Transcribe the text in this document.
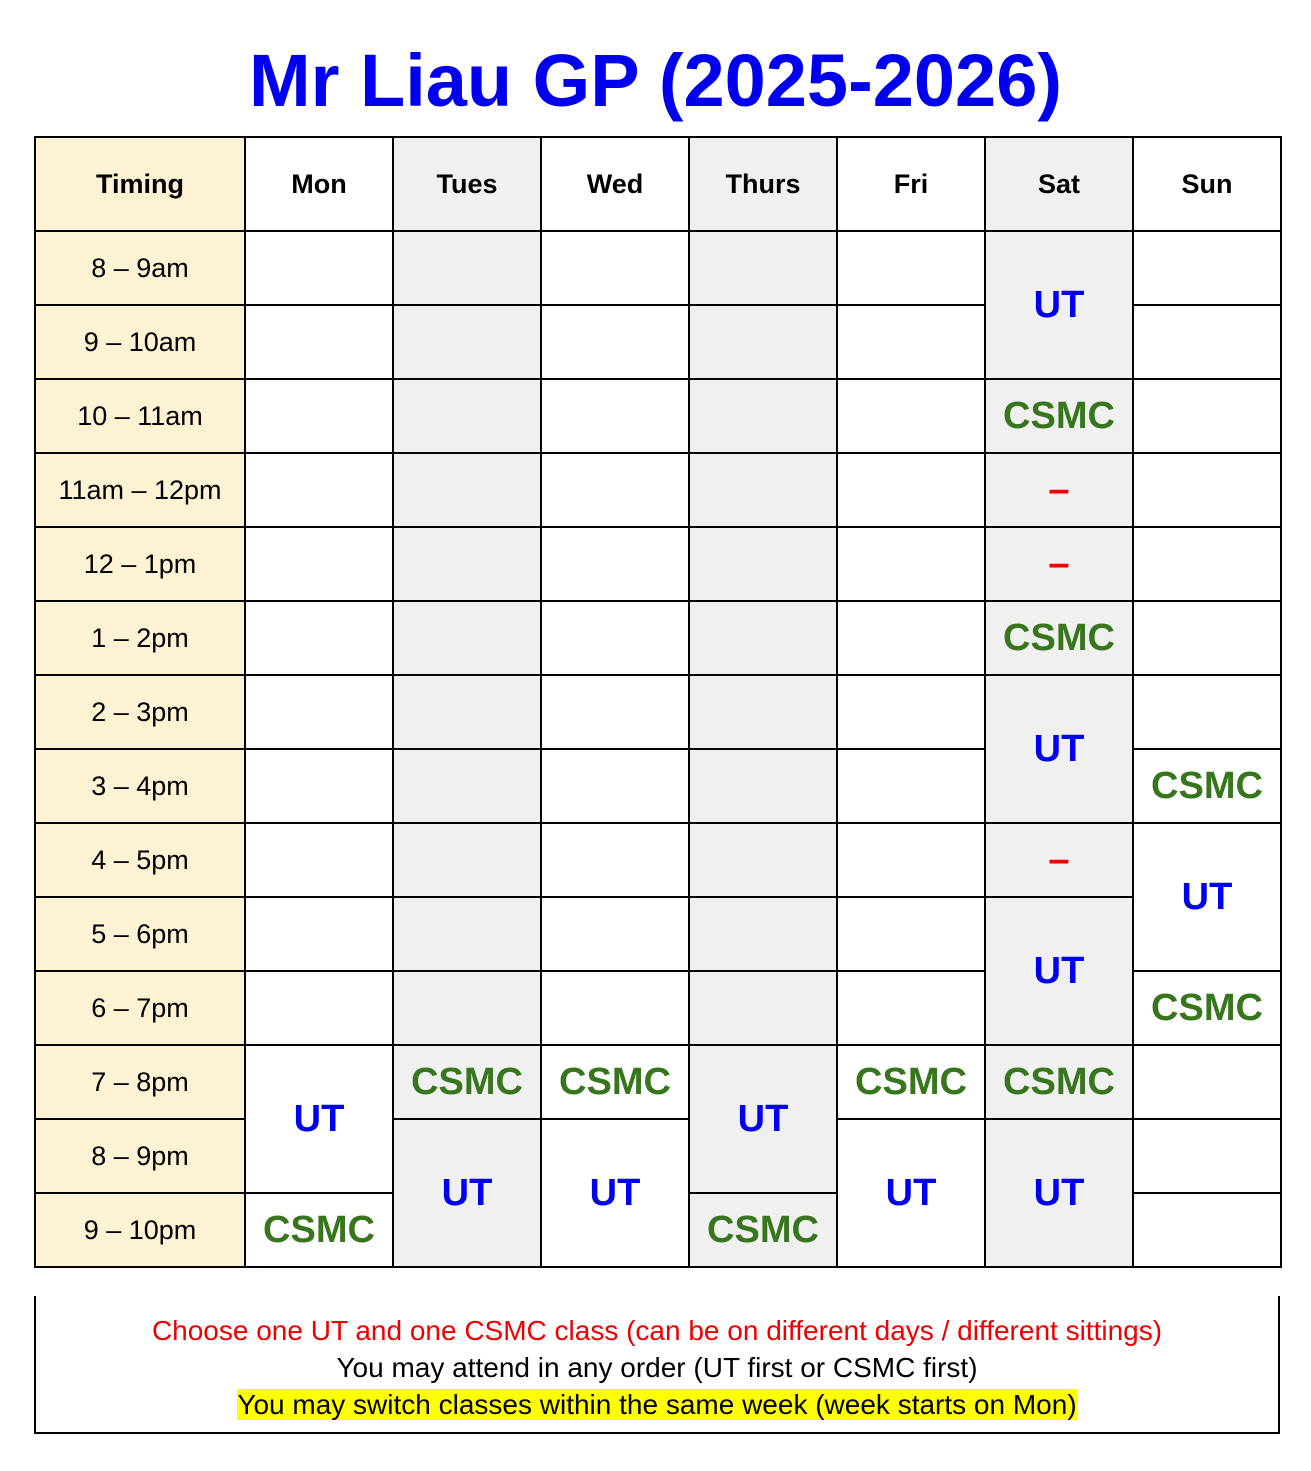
Mr Liau GP (2025-2026)
Timing	Mon	Tues	Wed	Thurs	Fri	Sat	Sun
8 – 9am						UT	
9 – 10am							
10 – 11am						CSMC	
11am – 12pm						–	
12 – 1pm						–	
1 – 2pm						CSMC	
2 – 3pm						UT	
3 – 4pm							CSMC
4 – 5pm						–	UT
5 – 6pm						UT	
6 – 7pm							CSMC
7 – 8pm	UT	CSMC	CSMC	UT	CSMC	CSMC	
8 – 9pm		UT	UT		UT	UT	
9 – 10pm	CSMC			CSMC			
Choose one UT and one CSMC class (can be on different days / different sittings)
You may attend in any order (UT first or CSMC first)
You may switch classes within the same week (week starts on Mon)
